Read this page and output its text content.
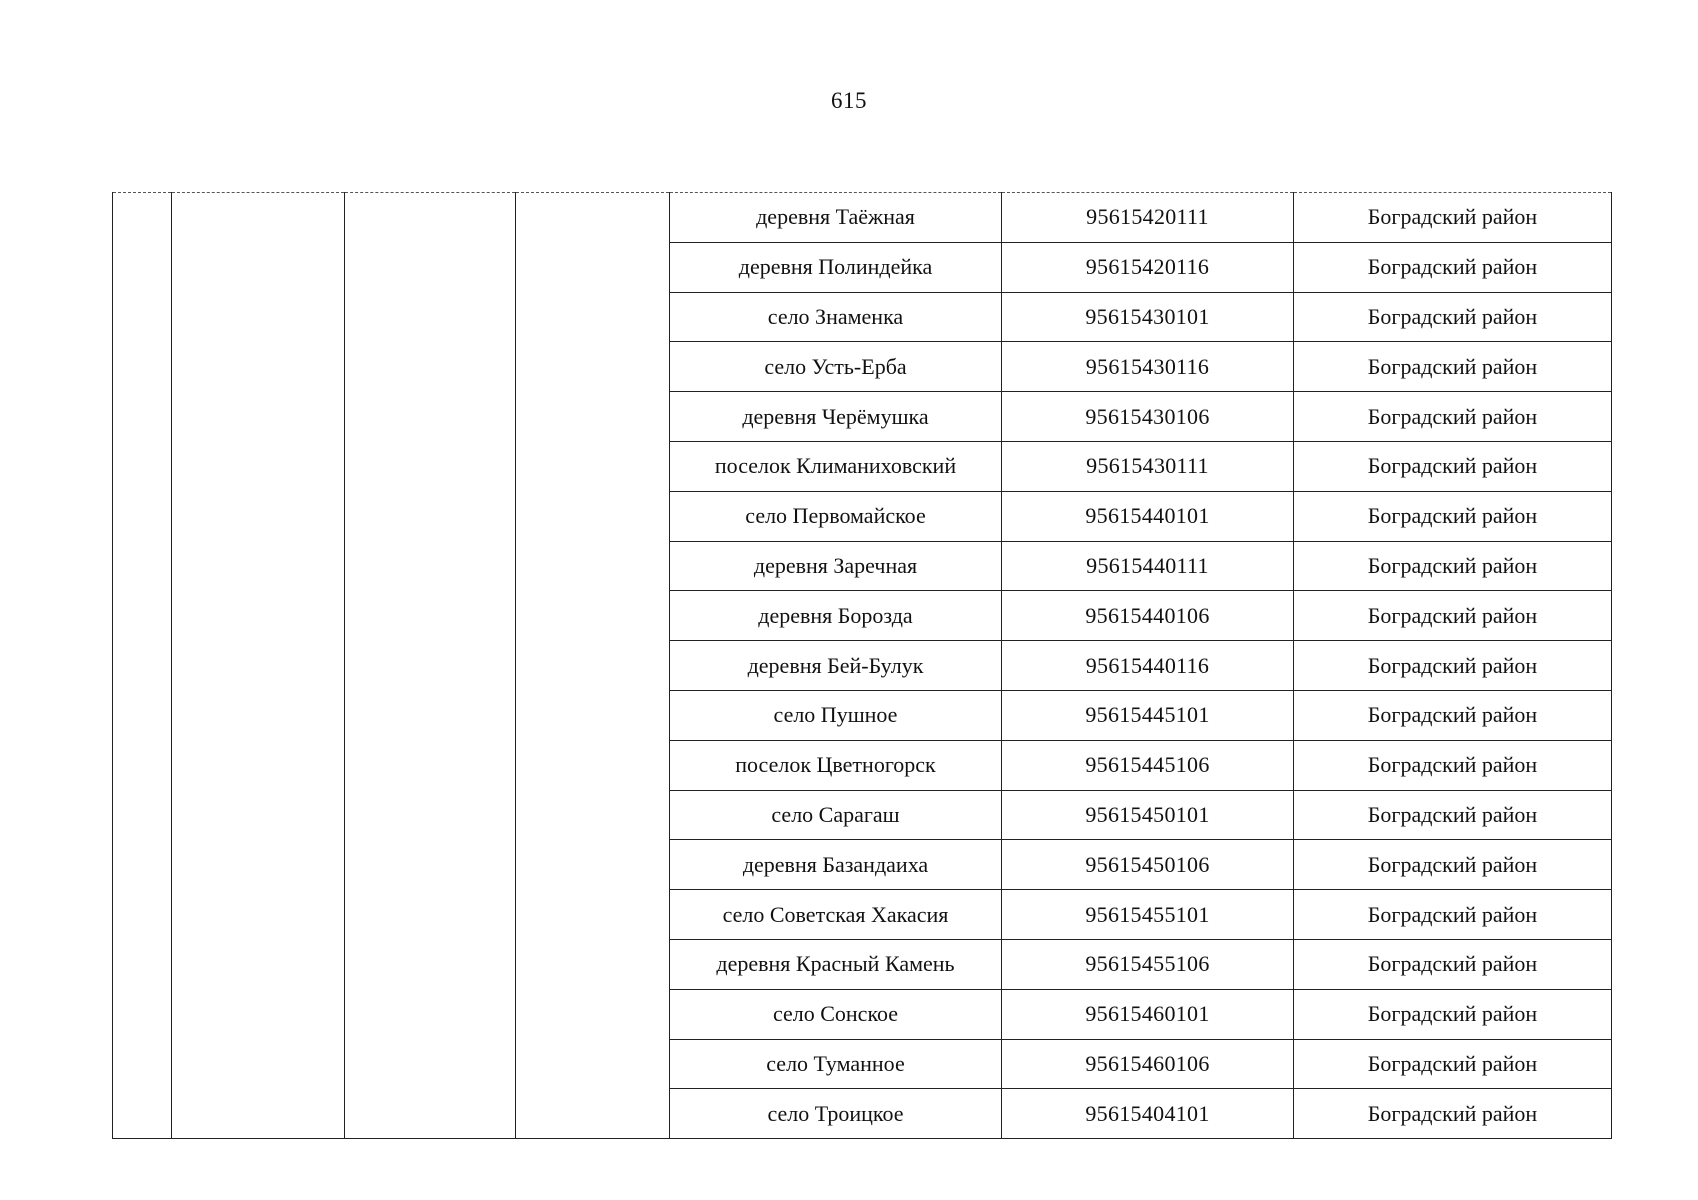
615
				деревня Таёжная	95615420111	Боградский район
				деревня Полиндейка	95615420116	Боградский район
				село Знаменка	95615430101	Боградский район
				село Усть-Ерба	95615430116	Боградский район
				деревня Черёмушка	95615430106	Боградский район
				поселок Климаниховский	95615430111	Боградский район
				село Первомайское	95615440101	Боградский район
				деревня Заречная	95615440111	Боградский район
				деревня Борозда	95615440106	Боградский район
				деревня Бей-Булук	95615440116	Боградский район
				село Пушное	95615445101	Боградский район
				поселок Цветногорск	95615445106	Боградский район
				село Сарагаш	95615450101	Боградский район
				деревня Базандаиха	95615450106	Боградский район
				село Советская Хакасия	95615455101	Боградский район
				деревня Красный Камень	95615455106	Боградский район
				село Сонское	95615460101	Боградский район
				село Туманное	95615460106	Боградский район
				село Троицкое	95615404101	Боградский район
